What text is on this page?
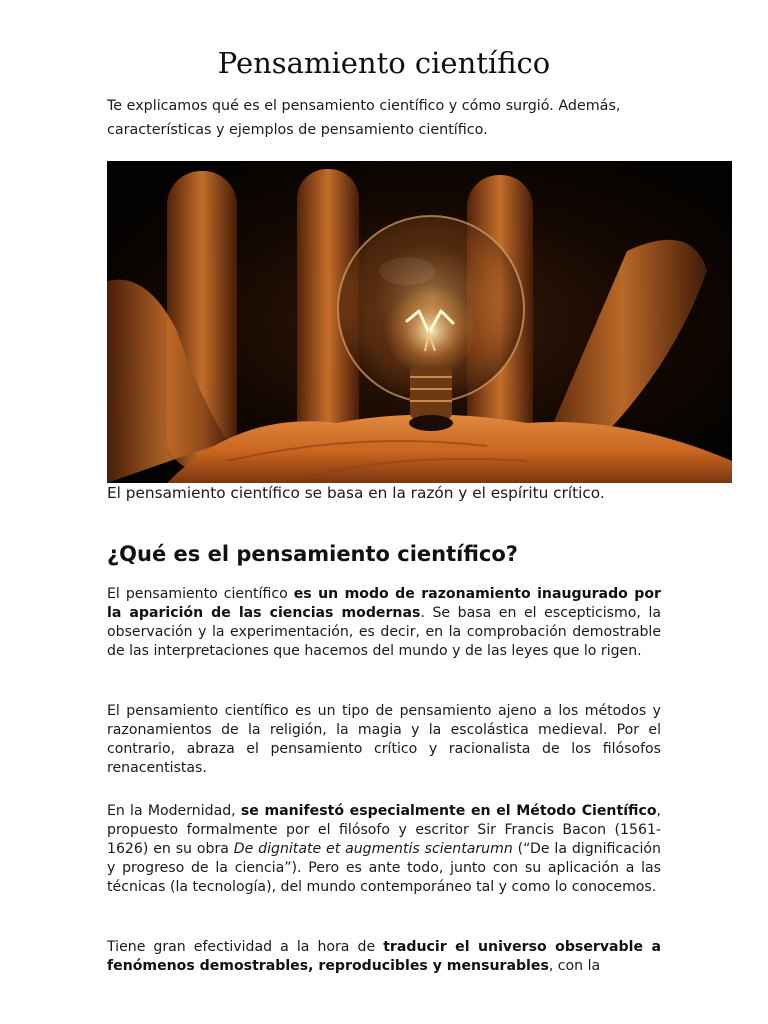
Pensamiento científico

Te explicamos qué es el pensamiento científico y cómo surgió. Además, características y ejemplos de pensamiento científico.

El pensamiento científico se basa en la razón y el espíritu crítico.

¿Qué es el pensamiento científico?

El pensamiento científico es un modo de razonamiento inaugurado por la aparición de las ciencias modernas. Se basa en el escepticismo, la observación y la experimentación, es decir, en la comprobación demostrable de las interpretaciones que hacemos del mundo y de las leyes que lo rigen.

El pensamiento científico es un tipo de pensamiento ajeno a los métodos y razonamientos de la religión, la magia y la escolástica medieval. Por el contrario, abraza el pensamiento crítico y racionalista de los filósofos renacentistas.

En la Modernidad, se manifestó especialmente en el Método Científico, propuesto formalmente por el filósofo y escritor Sir Francis Bacon (1561-1626) en su obra De dignitate et augmentis scientarumn (“De la dignificación y progreso de la ciencia”). Pero es ante todo, junto con su aplicación a las técnicas (la tecnología), del mundo contemporáneo tal y como lo conocemos.

Tiene gran efectividad a la hora de traducir el universo observable a fenómenos demostrables, reproducibles y mensurables, con la
